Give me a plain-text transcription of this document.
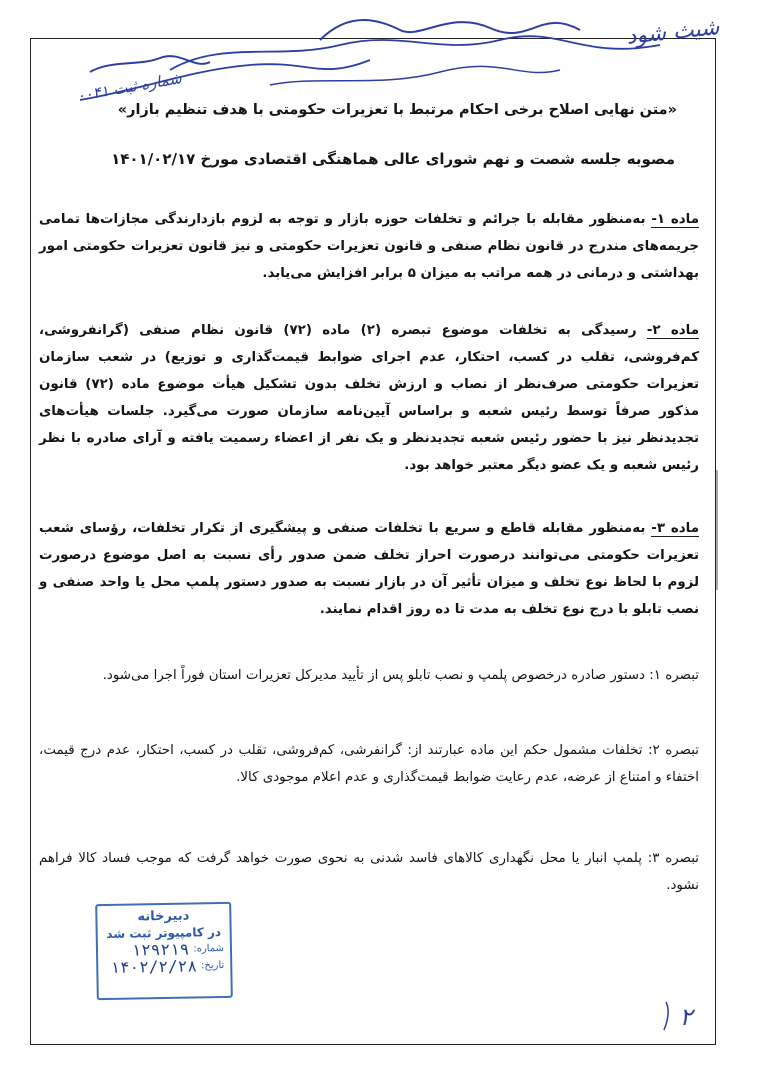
شیث شود
شماره ثبت ۰۰۴۱
«متن نهایی اصلاح برخی احکام مرتبط با تعزیرات حکومتی با هدف تنظیم بازار»
مصوبه جلسه شصت و نهم شورای عالی هماهنگی اقتصادی مورخ ۱۴۰۱/۰۲/۱۷

ماده ۱- به‌منظور مقابله با جرائم و تخلفات حوزه بازار و توجه به لزوم بازدارندگی مجازات‌ها تمامی جریمه‌های مندرج در قانون نظام صنفی و قانون تعزیرات حکومتی و نیز قانون تعزیرات حکومتی امور بهداشتی و درمانی در همه مراتب به میزان ۵ برابر افزایش می‌یابد.

ماده ۲- رسیدگی به تخلفات موضوع تبصره (۲) ماده (۷۲) قانون نظام صنفی (گرانفروشی، کم‌فروشی، تقلب در کسب، احتکار، عدم اجرای ضوابط قیمت‌گذاری و توزیع) در شعب سازمان تعزیرات حکومتی صرف‌نظر از نصاب و ارزش تخلف بدون تشکیل هیأت موضوع ماده (۷۲) قانون مذکور صرفاً توسط رئیس شعبه و براساس آیین‌نامه سازمان صورت می‌گیرد. جلسات هیأت‌های تجدیدنظر نیز با حضور رئیس شعبه تجدیدنظر و یک نفر از اعضاء رسمیت یافته و آرای صادره با نظر رئیس شعبه و یک عضو دیگر معتبر خواهد بود.

ماده ۳- به‌منظور مقابله قاطع و سریع با تخلفات صنفی و پیشگیری از تکرار تخلفات، رؤسای شعب تعزیرات حکومتی می‌توانند درصورت احراز تخلف ضمن صدور رأی نسبت به اصل موضوع درصورت لزوم با لحاظ نوع تخلف و میزان تأثیر آن در بازار نسبت به صدور دستور پلمپ محل یا واحد صنفی و نصب تابلو با درج نوع تخلف به مدت تا ده روز اقدام نمایند.

تبصره ۱: دستور صادره درخصوص پلمپ و نصب تابلو پس از تأیید مدیرکل تعزیرات استان فوراً اجرا می‌شود.

تبصره ۲: تخلفات مشمول حکم این ماده عبارتند از: گرانفرشی، کم‌فروشی، تقلب در کسب، احتکار، عدم درج قیمت، اختفاء و امتناع از عرضه، عدم رعایت ضوابط قیمت‌گذاری و عدم اعلام موجودی کالا.

تبصره ۳: پلمپ انبار یا محل نگهداری کالاهای فاسد شدنی به نحوی صورت خواهد گرفت که موجب فساد کالا فراهم نشود.

دبیرخانه
در کامپیوتر ثبت شد
شماره:
۱۲۹۲۱۹
تاریخ:
۱۴۰۲/۲/۲۸
۲
